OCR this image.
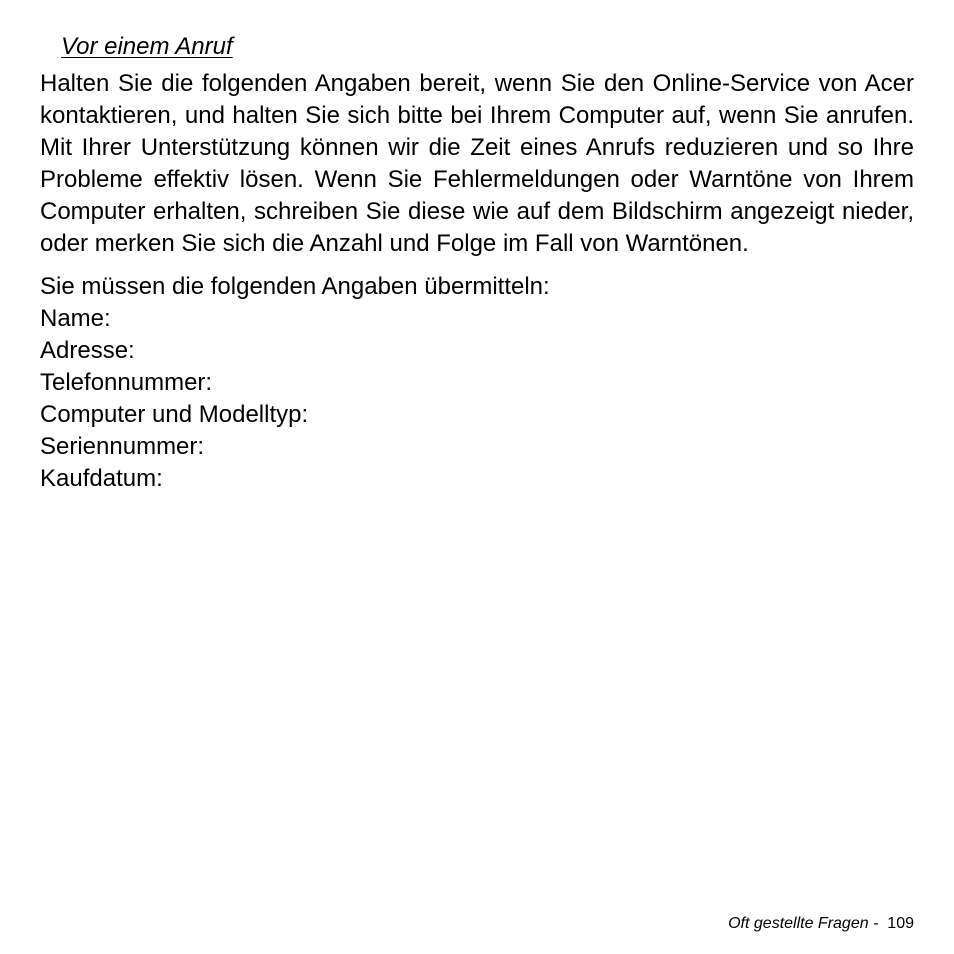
Vor einem Anruf

Halten Sie die folgenden Angaben bereit, wenn Sie den Online-Service von Acer kontaktieren, und halten Sie sich bitte bei Ihrem Computer auf, wenn Sie anrufen. Mit Ihrer Unterstützung können wir die Zeit eines Anrufs reduzieren und so Ihre Probleme effektiv lösen. Wenn Sie Fehlermeldungen oder Warntöne von Ihrem Computer erhalten, schreiben Sie diese wie auf dem Bildschirm angezeigt nieder, oder merken Sie sich die Anzahl und Folge im Fall von Warntönen.

Sie müssen die folgenden Angaben übermitteln:

Name:
Adresse:
Telefonnummer:
Computer und Modelltyp:
Seriennummer:
Kaufdatum:
Oft gestellte Fragen -  109
